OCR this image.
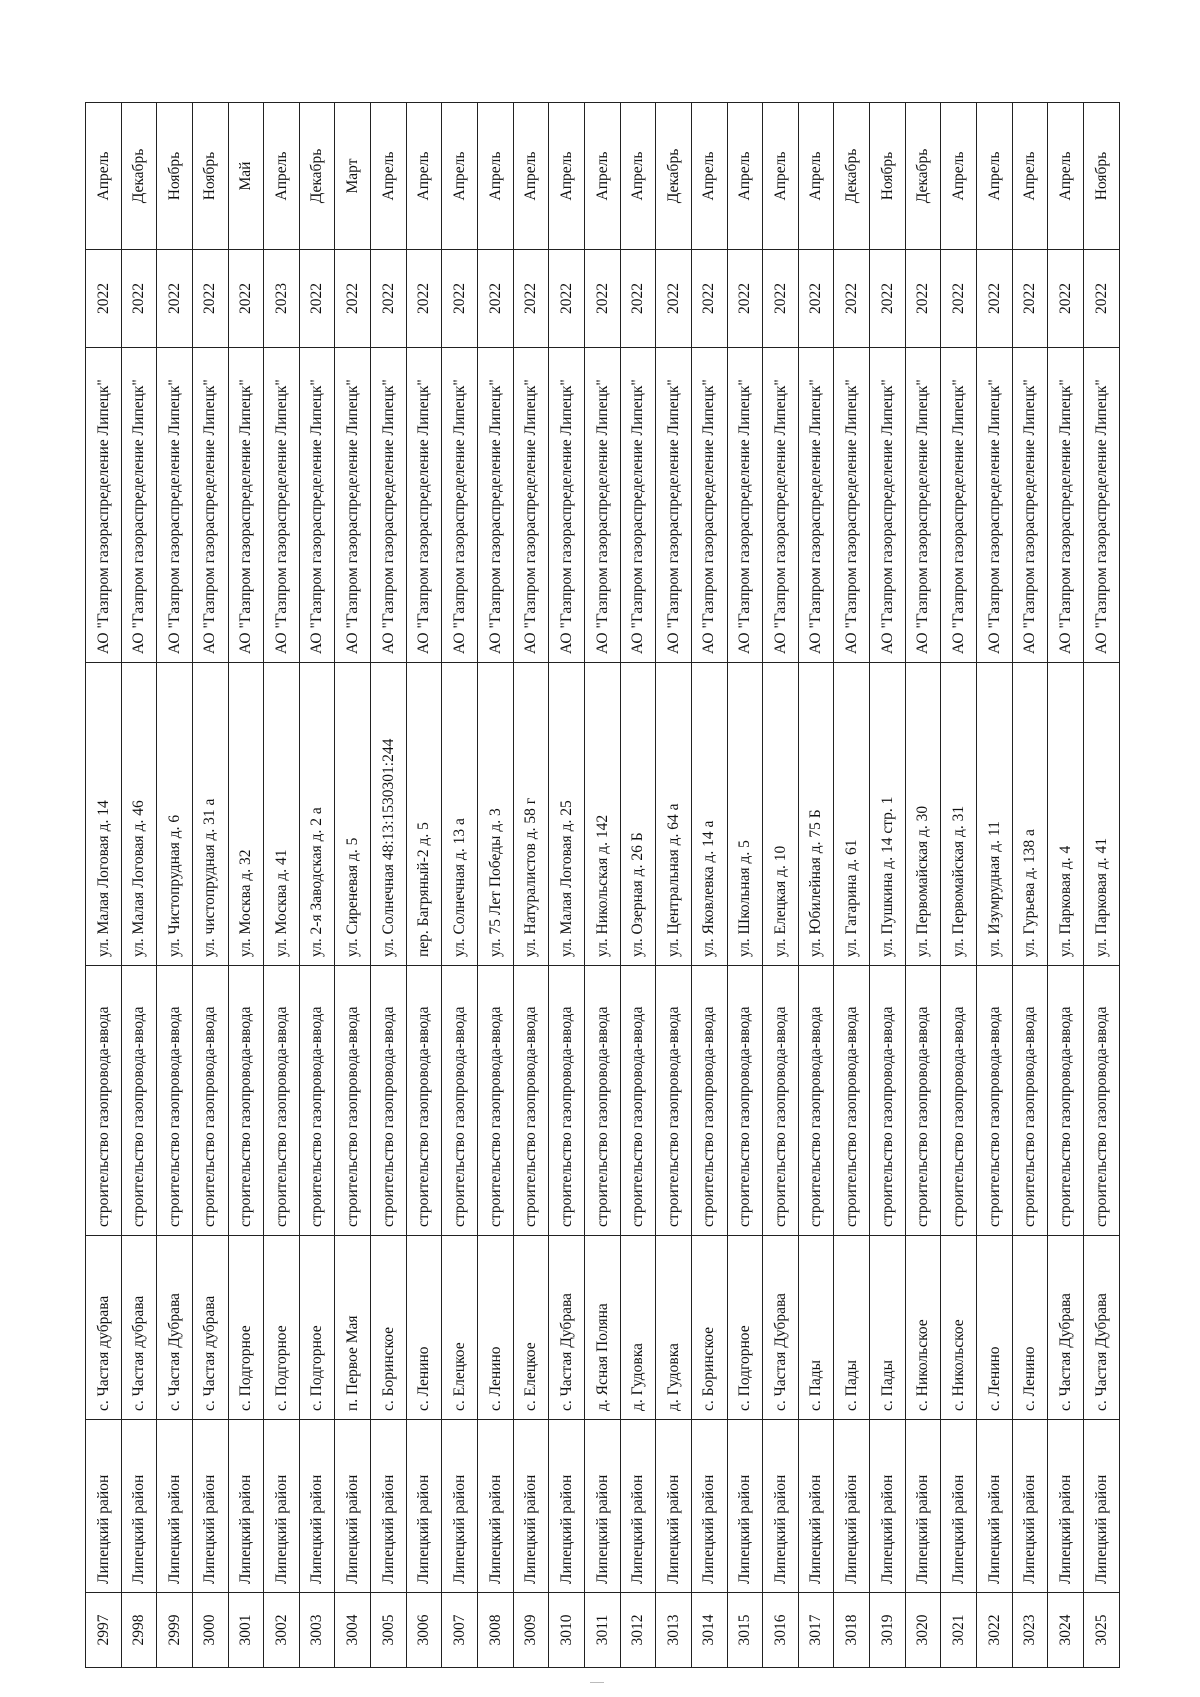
2997	Липецкий район	с. Частая дубрава	строительство газопровода-ввода	ул. Малая Логовая д. 14	АО "Газпром газораспределение Липецк"	2022	Апрель
2998	Липецкий район	с. Частая дубрава	строительство газопровода-ввода	ул. Малая Логовая д. 46	АО "Газпром газораспределение Липецк"	2022	Декабрь
2999	Липецкий район	с. Частая Дубрава	строительство газопровода-ввода	ул. Чистопрудная д. 6	АО "Газпром газораспределение Липецк"	2022	Ноябрь
3000	Липецкий район	с. Частая дубрава	строительство газопровода-ввода	ул. чистопрудная д. 31 а	АО "Газпром газораспределение Липецк"	2022	Ноябрь
3001	Липецкий район	с. Подгорное	строительство газопровода-ввода	ул. Москва д. 32	АО "Газпром газораспределение Липецк"	2022	Май
3002	Липецкий район	с. Подгорное	строительство газопровода-ввода	ул. Москва д. 41	АО "Газпром газораспределение Липецк"	2023	Апрель
3003	Липецкий район	с. Подгорное	строительство газопровода-ввода	ул. 2-я Заводская д. 2 а	АО "Газпром газораспределение Липецк"	2022	Декабрь
3004	Липецкий район	п. Первое Мая	строительство газопровода-ввода	ул. Сиреневая д. 5	АО "Газпром газораспределение Липецк"	2022	Март
3005	Липецкий район	с. Боринское	строительство газопровода-ввода	ул. Солнечная 48:13:1530301:244	АО "Газпром газораспределение Липецк"	2022	Апрель
3006	Липецкий район	с. Ленино	строительство газопровода-ввода	пер. Багряный-2 д. 5	АО "Газпром газораспределение Липецк"	2022	Апрель
3007	Липецкий район	с. Елецкое	строительство газопровода-ввода	ул. Солнечная д. 13 а	АО "Газпром газораспределение Липецк"	2022	Апрель
3008	Липецкий район	с. Ленино	строительство газопровода-ввода	ул. 75 Лет Победы д. 3	АО "Газпром газораспределение Липецк"	2022	Апрель
3009	Липецкий район	с. Елецкое	строительство газопровода-ввода	ул. Натуралистов д. 58 г	АО "Газпром газораспределение Липецк"	2022	Апрель
3010	Липецкий район	с. Частая Дубрава	строительство газопровода-ввода	ул. Малая Логовая д. 25	АО "Газпром газораспределение Липецк"	2022	Апрель
3011	Липецкий район	д. Ясная Поляна	строительство газопровода-ввода	ул. Никольская д. 142	АО "Газпром газораспределение Липецк"	2022	Апрель
3012	Липецкий район	д. Гудовка	строительство газопровода-ввода	ул. Озерная д. 26 Б	АО "Газпром газораспределение Липецк"	2022	Апрель
3013	Липецкий район	д. Гудовка	строительство газопровода-ввода	ул. Центральная д. 64 а	АО "Газпром газораспределение Липецк"	2022	Декабрь
3014	Липецкий район	с. Боринское	строительство газопровода-ввода	ул. Яковлевка д. 14 а	АО "Газпром газораспределение Липецк"	2022	Апрель
3015	Липецкий район	с. Подгорное	строительство газопровода-ввода	ул. Школьная д. 5	АО "Газпром газораспределение Липецк"	2022	Апрель
3016	Липецкий район	с. Частая Дубрава	строительство газопровода-ввода	ул. Елецкая д. 10	АО "Газпром газораспределение Липецк"	2022	Апрель
3017	Липецкий район	с. Пады	строительство газопровода-ввода	ул. Юбилейная д. 75 Б	АО "Газпром газораспределение Липецк"	2022	Апрель
3018	Липецкий район	с. Пады	строительство газопровода-ввода	ул. Гагарина д. 61	АО "Газпром газораспределение Липецк"	2022	Декабрь
3019	Липецкий район	с. Пады	строительство газопровода-ввода	ул. Пушкина д. 14 стр. 1	АО "Газпром газораспределение Липецк"	2022	Ноябрь
3020	Липецкий район	с. Никольское	строительство газопровода-ввода	ул. Первомайская д. 30	АО "Газпром газораспределение Липецк"	2022	Декабрь
3021	Липецкий район	с. Никольское	строительство газопровода-ввода	ул. Первомайская д. 31	АО "Газпром газораспределение Липецк"	2022	Апрель
3022	Липецкий район	с. Ленино	строительство газопровода-ввода	ул. Изумрудная д. 11	АО "Газпром газораспределение Липецк"	2022	Апрель
3023	Липецкий район	с. Ленино	строительство газопровода-ввода	ул. Гурьева д. 138 а	АО "Газпром газораспределение Липецк"	2022	Апрель
3024	Липецкий район	с. Частая Дубрава	строительство газопровода-ввода	ул. Парковая д. 4	АО "Газпром газораспределение Липецк"	2022	Апрель
3025	Липецкий район	с. Частая Дубрава	строительство газопровода-ввода	ул. Парковая д. 41	АО "Газпром газораспределение Липецк"	2022	Ноябрь
